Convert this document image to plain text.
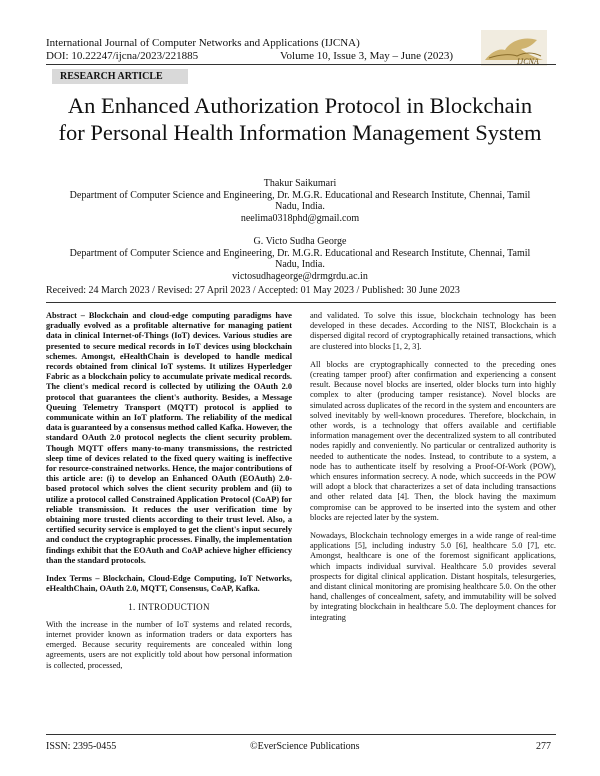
International Journal of Computer Networks and Applications (IJCNA)
DOI: 10.22247/ijcna/2023/221885	Volume 10, Issue 3, May – June (2023)	IJCNA
RESEARCH ARTICLE
An Enhanced Authorization Protocol in Blockchain
for Personal Health Information Management System
Thakur Saikumari
Department of Computer Science and Engineering, Dr. M.G.R. Educational and Research Institute, Chennai, Tamil Nadu, India.
neelima0318phd@gmail.com
G. Victo Sudha George
Department of Computer Science and Engineering, Dr. M.G.R. Educational and Research Institute, Chennai, Tamil Nadu, India.
victosudhageorge@drmgrdu.ac.in
Received: 24 March 2023 / Revised: 27 April 2023 / Accepted: 01 May 2023 / Published: 30 June 2023

Abstract – Blockchain and cloud-edge computing paradigms have gradually evolved as a profitable alternative for managing patient data in clinical Internet-of-Things (IoT) devices. Various studies are presented to secure medical records in IoT devices using blockchain schemes. Amongst, eHealthChain is developed to handle medical records obtained from clinical IoT systems. It utilizes Hyperledger Fabric as a blockchain policy to accumulate private medical records. The client's medical record is collected by utilizing the OAuth 2.0 protocol that guarantees the client's authority. Besides, a Message Queuing Telemetry Transport (MQTT) protocol is applied to communicate within an IoT platform. The reliability of the medical data is guaranteed by a consensus method called Kafka. However, the standard OAuth 2.0 protocol neglects the client security problem. Though MQTT offers many-to-many transmissions, the restricted sleep time of devices related to the fixed query waiting is ineffective for resource-constrained networks. Hence, the major contributions of this article are: (i) to develop an Enhanced OAuth (EOAuth) 2.0-based protocol which solves the client security problem and (ii) to utilize a protocol called Constrained Application Protocol (CoAP) for reliable transmission. It reduces the user verification time by obtaining more trusted clients according to their trust level. Also, a certified security service is employed to get the client's input securely and conduct the cryptographic processes. Finally, the implementation findings exhibit that the EOAuth and CoAP achieve higher efficiency than the standard protocols.

Index Terms – Blockchain, Cloud-Edge Computing, IoT Networks, eHealthChain, OAuth 2.0, MQTT, Consensus, CoAP, Kafka.

1. INTRODUCTION

With the increase in the number of IoT systems and related records, internet provider known as information traders or data exporters has emerged. Because security requirements are concealed within long agreements, users are not explicitly told about how personal information is collected, processed,

and validated. To solve this issue, blockchain technology has been developed in these decades. According to the NIST, Blockchain is a dispersed digital record of cryptographically retained transactions, which are clustered into blocks [1, 2, 3].

All blocks are cryptographically connected to the preceding ones (creating tamper proof) after confirmation and experiencing a consent result. Because novel blocks are inserted, older blocks turn into highly complex to alter (producing tamper resistance). Novel blocks are simulated across duplicates of the record in the system and encounters are solved inevitably by well-known procedures. Therefore, blockchain, in other words, is a technology that offers available and certifiable information management over the decentralized system to all contributed nodes rapidly and conveniently. No particular or centralized authority is needed to authenticate the nodes. Instead, to contribute to a system, a node has to authenticate itself by resolving a Proof-Of-Work (POW), which ensures information secrecy. A node, which succeeds in the POW will adopt a block that characterizes a set of data including transactions and other related data [4]. Then, the block having the maximum compromise can be approved to be inserted into the system and other blocks are rejected later by the system.

Nowadays, Blockchain technology emerges in a wide range of real-time applications [5], including industry 5.0 [6], healthcare 5.0 [7], etc. Amongst, healthcare is one of the foremost significant applications, which impacts individual survival. Healthcare 5.0 provides several prospects for digital clinical application. Distant hospitals, telesurgeries, and distant clinical monitoring are promising healthcare 5.0. On the other hand, challenges of concealment, safety, and immutability will be solved by integrating blockchain in healthcare 5.0. The deployment chances for integrating

ISSN: 2395-0455	©EverScience Publications	277
